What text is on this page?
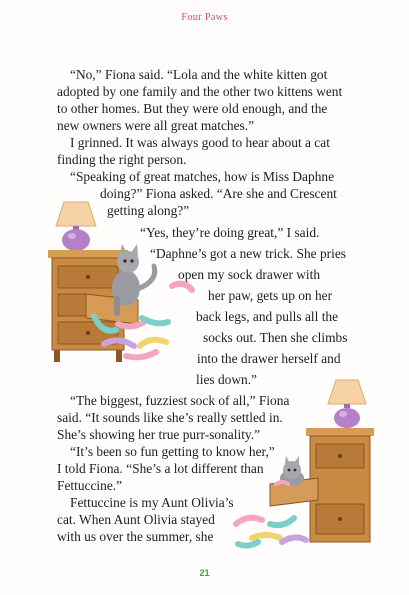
Four Paws
“No,” Fiona said. “Lola and the white kitten got
adopted by one family and the other two kittens went
to other homes. But they were old enough, and the
new owners were all great matches.”
I grinned. It was always good to hear about a cat
finding the right person.
“Speaking of great matches, how is Miss Daphne
doing?” Fiona asked. “Are she and Crescent
getting along?”
“Yes, they’re doing great,” I said.
“Daphne’s got a new trick. She pries
open my sock drawer with
her paw, gets up on her
back legs, and pulls all the
socks out. Then she climbs
into the drawer herself and
lies down.”
“The biggest, fuzziest sock of all,” Fiona
said. “It sounds like she’s really settled in.
She’s showing her true purr-sonality.”
“It’s been so fun getting to know her,”
I told Fiona. “She’s a lot different than
Fettuccine.”
Fettuccine is my Aunt Olivia’s
cat. When Aunt Olivia stayed
with us over the summer, she
21
